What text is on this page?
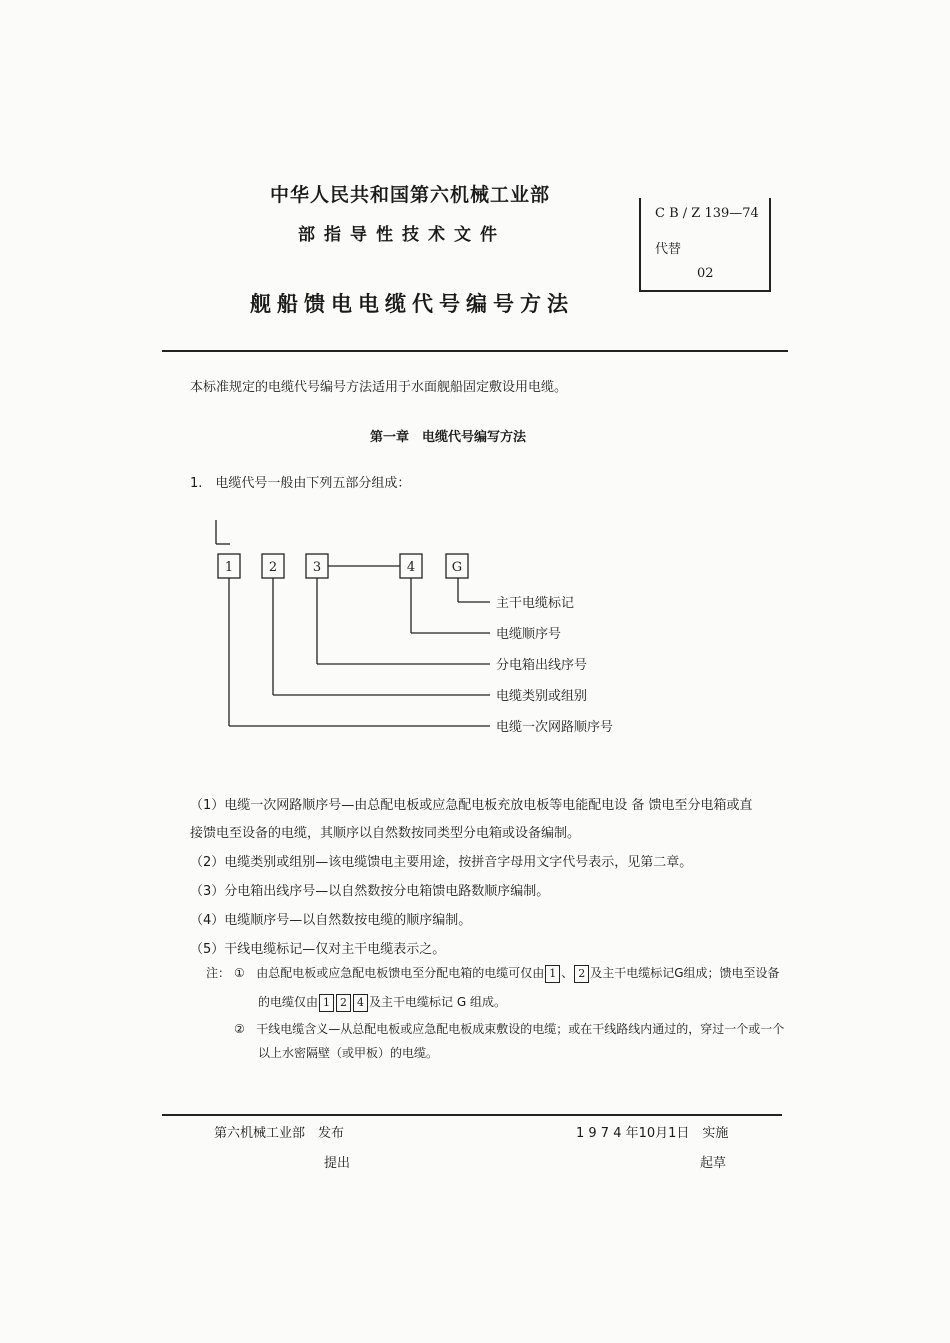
中华人民共和国第六机械工业部
部指导性技术文件
舰船馈电电缆代号编号方法
C B / Z 139—74
代替
02
本标准规定的电缆代号编号方法适用于水面舰船固定敷设用电缆。
第一章　电缆代号编写方法
1.　电缆代号一般由下列五部分组成：
1	2	3	4	G
主干电缆标记
电缆顺序号
分电箱出线序号
电缆类别或组别
电缆一次网路顺序号
（1）电缆一次网路顺序号—由总配电板或应急配电板充放电板等电能配电设 备 馈电至分电箱或直
接馈电至设备的电缆，其顺序以自然数按同类型分电箱或设备编制。
（2）电缆类别或组别—该电缆馈电主要用途，按拼音字母用文字代号表示，见第二章。
（3）分电箱出线序号—以自然数按分电箱馈电路数顺序编制。
（4）电缆顺序号—以自然数按电缆的顺序编制。
（5）干线电缆标记—仅对主干电缆表示之。
注： ① 由总配电板或应急配电板馈电至分配电箱的电缆可仅由 1 、 2 及主干电缆标记G组成；馈电至设备
的电缆仅由 1 2 4 及主干电缆标记 G 组成。
② 干线电缆含义—从总配电板或应急配电板成束敷设的电缆；或在干线路线内通过的，穿过一个或一个
以上水密隔壁（或甲板）的电缆。
第六机械工业部　发布
提出
1 9 7 4 年10月1日　实施
起草
